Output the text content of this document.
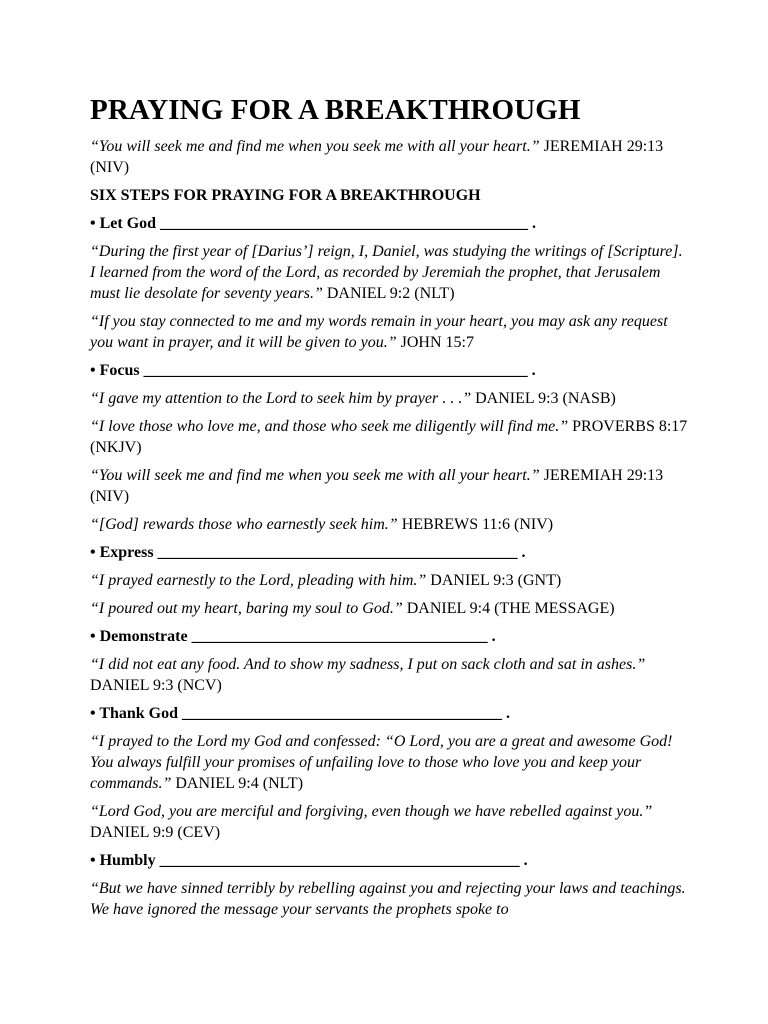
PRAYING FOR A BREAKTHROUGH

“You will seek me and find me when you seek me with all your heart.” JEREMIAH 29:13 (NIV)

SIX STEPS FOR PRAYING FOR A BREAKTHROUGH

• Let God ______________________________________________ .

“During the first year of [Darius’] reign, I, Daniel, was studying the writings of [Scripture]. I learned from the word of the Lord, as recorded by Jeremiah the prophet, that Jerusalem must lie desolate for seventy years.” DANIEL 9:2 (NLT)

“If you stay connected to me and my words remain in your heart, you may ask any request you want in prayer, and it will be given to you.” JOHN 15:7

• Focus ________________________________________________ .

“I gave my attention to the Lord to seek him by prayer . . .” DANIEL 9:3 (NASB)

“I love those who love me, and those who seek me diligently will find me.” PROVERBS 8:17 (NKJV)

“You will seek me and find me when you seek me with all your heart.” JEREMIAH 29:13 (NIV)

“[God] rewards those who earnestly seek him.” HEBREWS 11:6 (NIV)

• Express _____________________________________________ .

“I prayed earnestly to the Lord, pleading with him.” DANIEL 9:3 (GNT)

“I poured out my heart, baring my soul to God.” DANIEL 9:4 (THE MESSAGE)

• Demonstrate _____________________________________ .

“I did not eat any food. And to show my sadness, I put on sack cloth and sat in ashes.” DANIEL 9:3 (NCV)

• Thank God ________________________________________ .

“I prayed to the Lord my God and confessed: “O Lord, you are a great and awesome God! You always fulfill your promises of unfailing love to those who love you and keep your commands.” DANIEL 9:4 (NLT)

“Lord God, you are merciful and forgiving, even though we have rebelled against you.” DANIEL 9:9 (CEV)

• Humbly _____________________________________________ .

“But we have sinned terribly by rebelling against you and rejecting your laws and teachings. We have ignored the message your servants the prophets spoke to
